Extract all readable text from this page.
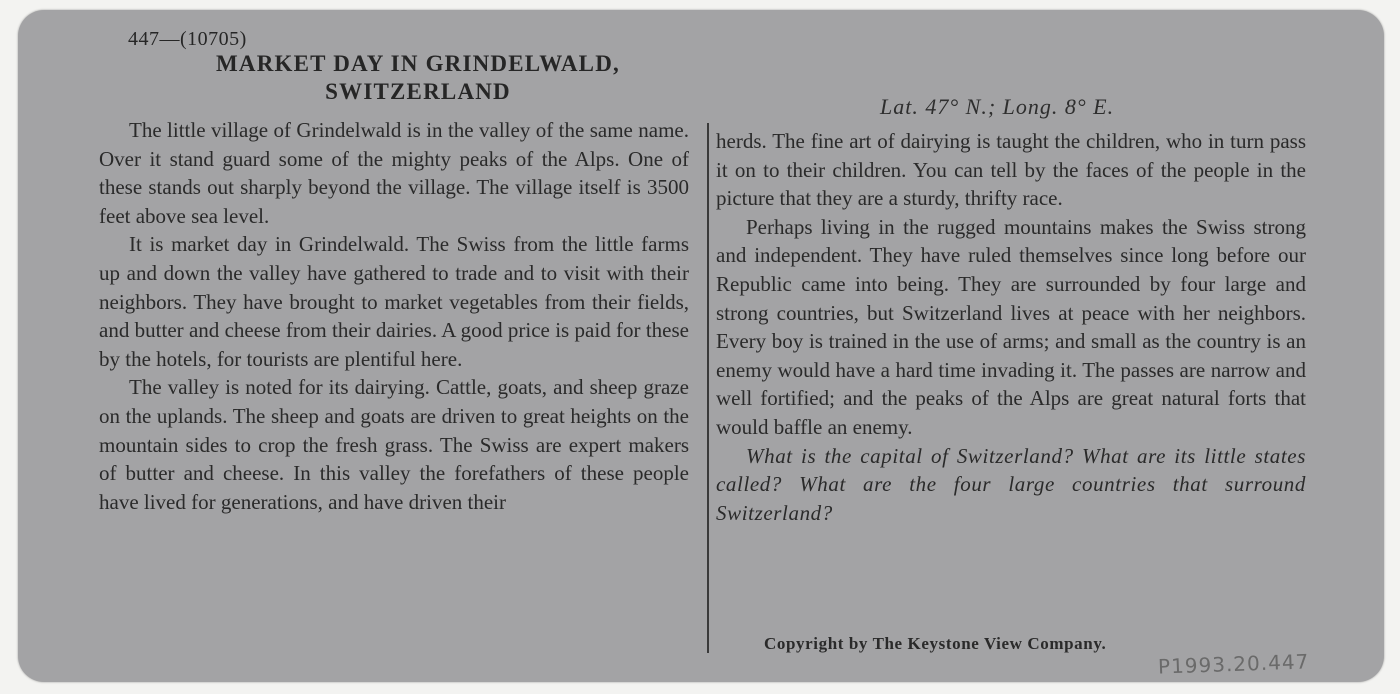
447—(10705)
MARKET DAY IN GRINDELWALD,
SWITZERLAND
Lat. 47° N.; Long. 8° E.

The little village of Grindelwald is in the valley of the same name. Over it stand guard some of the mighty peaks of the Alps. One of these stands out sharply beyond the village. The village itself is 3500 feet above sea level.

It is market day in Grindelwald. The Swiss from the little farms up and down the valley have gathered to trade and to visit with their neighbors. They have brought to market vegetables from their fields, and butter and cheese from their dairies. A good price is paid for these by the hotels, for tourists are plentiful here.

The valley is noted for its dairying. Cattle, goats, and sheep graze on the uplands. The sheep and goats are driven to great heights on the mountain sides to crop the fresh grass. The Swiss are expert makers of butter and cheese. In this valley the forefathers of these people have lived for generations, and have driven their

herds. The fine art of dairying is taught the children, who in turn pass it on to their children. You can tell by the faces of the people in the picture that they are a sturdy, thrifty race.

Perhaps living in the rugged mountains makes the Swiss strong and independent. They have ruled themselves since long before our Republic came into being. They are surrounded by four large and strong countries, but Switzerland lives at peace with her neighbors. Every boy is trained in the use of arms; and small as the country is an enemy would have a hard time invading it. The passes are narrow and well fortified; and the peaks of the Alps are great natural forts that would baffle an enemy.

What is the capital of Switzerland? What are its little states called? What are the four large countries that surround Switzerland?

Copyright by The Keystone View Company.
P1993.20.447
